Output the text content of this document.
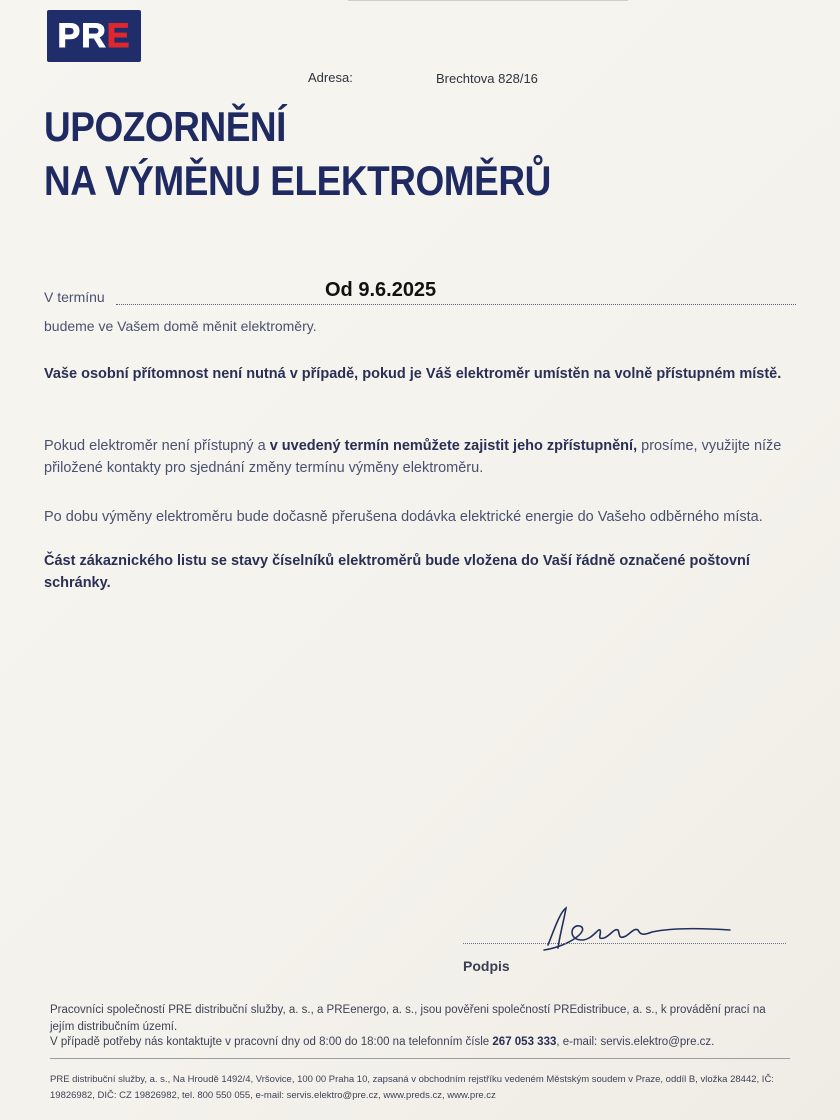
PR E
Adresa:	Brechtova 828/16
UPOZORNĚNÍ
NA VÝMĚNU ELEKTROMĚRŮ
V termínu	Od 9.6.2025
budeme ve Vašem domě měnit elektroměry.
Vaše osobní přítomnost není nutná v případě, pokud je Váš elektroměr umístěn na volně přístupném místě.
Pokud elektroměr není přístupný a v uvedený termín nemůžete zajistit jeho zpřístupnění, prosíme, využijte níže přiložené kontakty pro sjednání změny termínu výměny elektroměru.
Po dobu výměny elektroměru bude dočasně přerušena dodávka elektrické energie do Vašeho odběrného místa.
Část zákaznického listu se stavy číselníků elektroměrů bude vložena do Vaší řádně označené poštovní schránky.
Podpis
Pracovníci společností PRE distribuční služby, a. s., a PREenergo, a. s., jsou pověřeni společností PREdistribuce, a. s., k provádění prací na jejím distribučním území.
V případě potřeby nás kontaktujte v pracovní dny od 8:00 do 18:00 na telefonním čísle 267 053 333, e-mail: servis.elektro@pre.cz.
PRE distribuční služby, a. s., Na Hroudě 1492/4, Vršovice, 100 00 Praha 10, zapsaná v obchodním rejstříku vedeném Městským soudem v Praze, oddíl B, vložka 28442, IČ: 19826982, DIČ: CZ 19826982, tel. 800 550 055, e-mail: servis.elektro@pre.cz, www.preds.cz, www.pre.cz
